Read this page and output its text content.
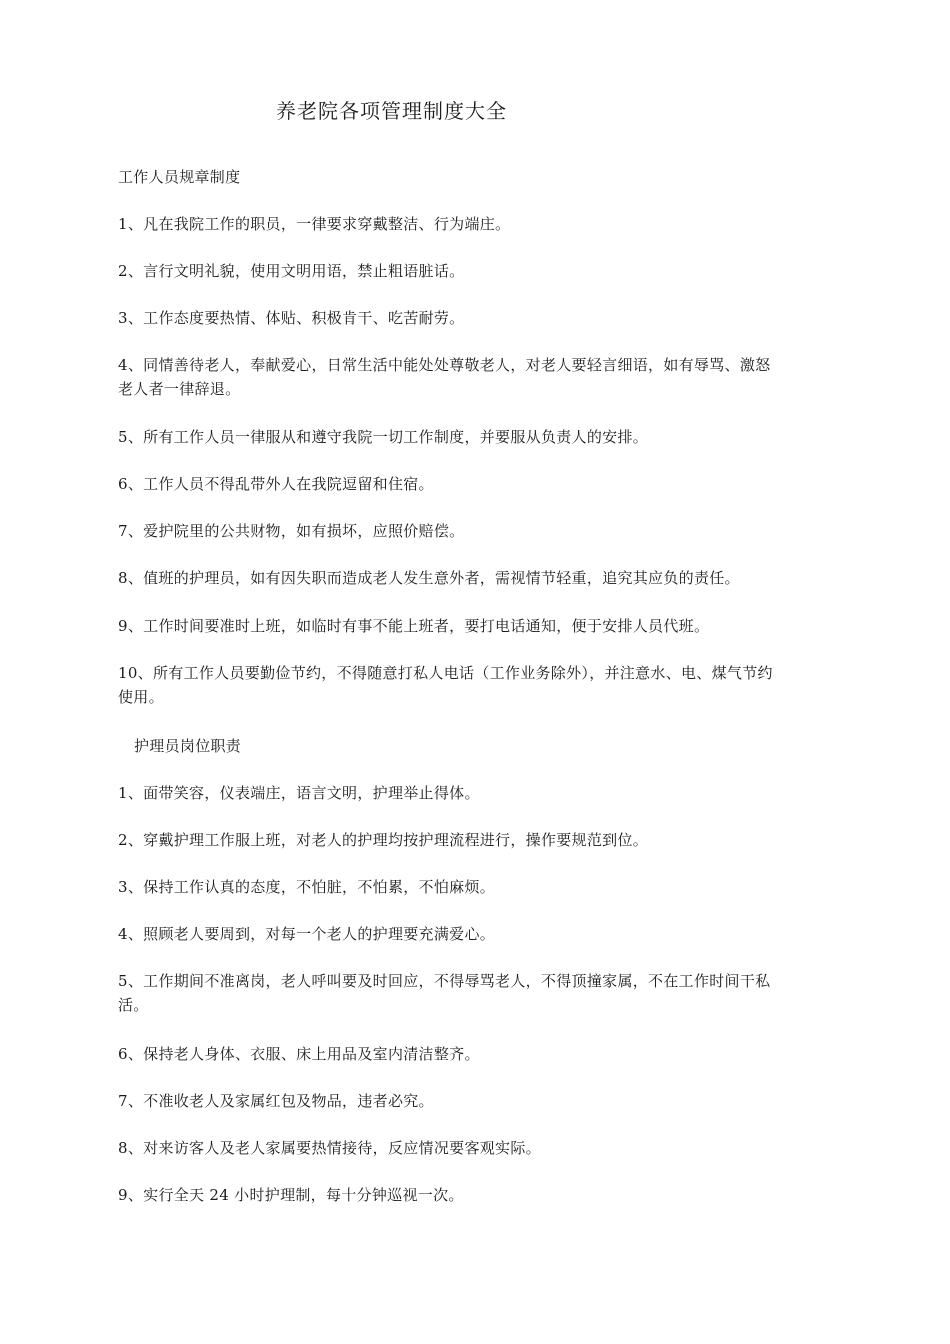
养老院各项管理制度大全
工作人员规章制度
1、凡在我院工作的职员，一律要求穿戴整洁、行为端庄。
2、言行文明礼貌，使用文明用语，禁止粗语脏话。
3、工作态度要热情、体贴、积极肯干、吃苦耐劳。
4、同情善待老人，奉献爱心，日常生活中能处处尊敬老人，对老人要轻言细语，如有辱骂、激怒
老人者一律辞退。
5、所有工作人员一律服从和遵守我院一切工作制度，并要服从负责人的安排。
6、工作人员不得乱带外人在我院逗留和住宿。
7、爱护院里的公共财物，如有损坏，应照价赔偿。
8、值班的护理员，如有因失职而造成老人发生意外者，需视情节轻重，追究其应负的责任。
9、工作时间要准时上班，如临时有事不能上班者，要打电话通知，便于安排人员代班。
10、所有工作人员要勤俭节约，不得随意打私人电话（工作业务除外），并注意水、电、煤气节约
使用。
护理员岗位职责
1、面带笑容，仪表端庄，语言文明，护理举止得体。
2、穿戴护理工作服上班，对老人的护理均按护理流程进行，操作要规范到位。
3、保持工作认真的态度，不怕脏，不怕累，不怕麻烦。
4、照顾老人要周到，对每一个老人的护理要充满爱心。
5、工作期间不准离岗，老人呼叫要及时回应，不得辱骂老人，不得顶撞家属，不在工作时间干私
活。
6、保持老人身体、衣服、床上用品及室内清洁整齐。
7、不准收老人及家属红包及物品，违者必究。
8、对来访客人及老人家属要热情接待，反应情况要客观实际。
9、实行全天 24 小时护理制，每十分钟巡视一次。
